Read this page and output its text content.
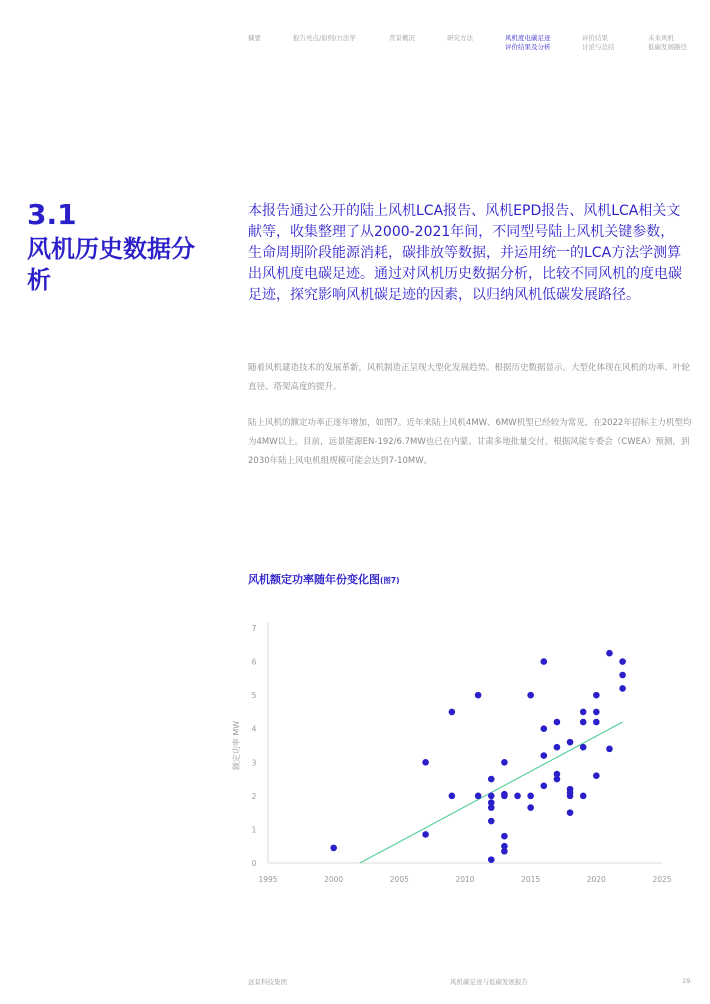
摘要	报告亮点/原则/方法学	背景概况	研究方法	风机度电碳足迹
评价结果及分析
评价结果
讨论与总结
未来风机
低碳发展路径
3.1
风机历史数据分析
本报告通过公开的陆上风机LCA报告、风机EPD报告、风机LCA相关文献等，收集整理了从2000-2021年间，不同型号陆上风机关键参数，生命周期阶段能源消耗，碳排放等数据，并运用统一的LCA方法学测算出风机度电碳足迹。通过对风机历史数据分析，比较不同风机的度电碳足迹，探究影响风机碳足迹的因素，以归纳风机低碳发展路径。
随着风机建造技术的发展革新，风机制造正呈现大型化发展趋势。根据历史数据显示，大型化体现在风机的功率、叶轮直径、塔架高度的提升。
陆上风机的额定功率正逐年增加，如图7。近年来陆上风机4MW、6MW机型已经较为常见，在2022年招标主力机型均为4MW以上。目前，远景能源EN-192/6.7MW也已在内蒙、甘肃多地批量交付。根据风能专委会（CWEA）预测，到2030年陆上风电机组规模可能会达到7-10MW。
风机额定功率随年份变化图(图7)
0
1
2
3
4
5
6
7
1995	2000	2005	2010	2015	2020	2025
额定功率 MW
远景科技集团	风机碳足迹与低碳发展报告	19
